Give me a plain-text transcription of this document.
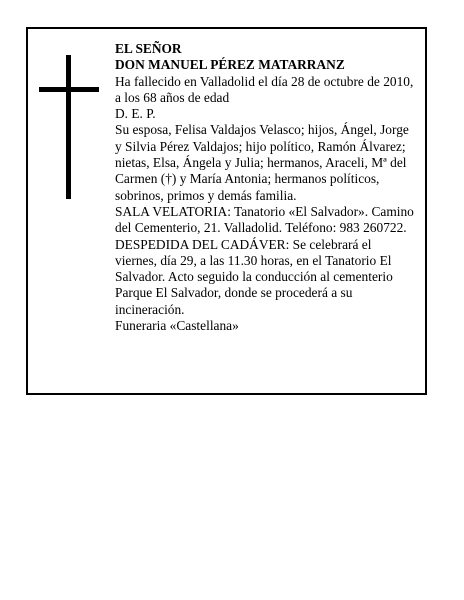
EL SEÑOR

DON MANUEL PÉREZ MATARRANZ

Ha fallecido en Valladolid el día 28 de octubre de 2010,

a los 68 años de edad

D. E. P.

Su esposa, Felisa Valdajos Velasco; hijos, Ángel, Jorge

y Silvia Pérez Valdajos; hijo político, Ramón Álvarez;

nietas, Elsa, Ángela y Julia; hermanos, Araceli, Mª del

Carmen (†) y María Antonia; hermanos políticos,

sobrinos, primos y demás familia.

SALA VELATORIA: Tanatorio «El Salvador». Camino

del Cementerio, 21. Valladolid. Teléfono: 983 260722.

DESPEDIDA DEL CADÁVER: Se celebrará el

viernes, día 29, a las 11.30 horas, en el Tanatorio El

Salvador. Acto seguido la conducción al cementerio

Parque El Salvador, donde se procederá a su

incineración.

Funeraria «Castellana»
